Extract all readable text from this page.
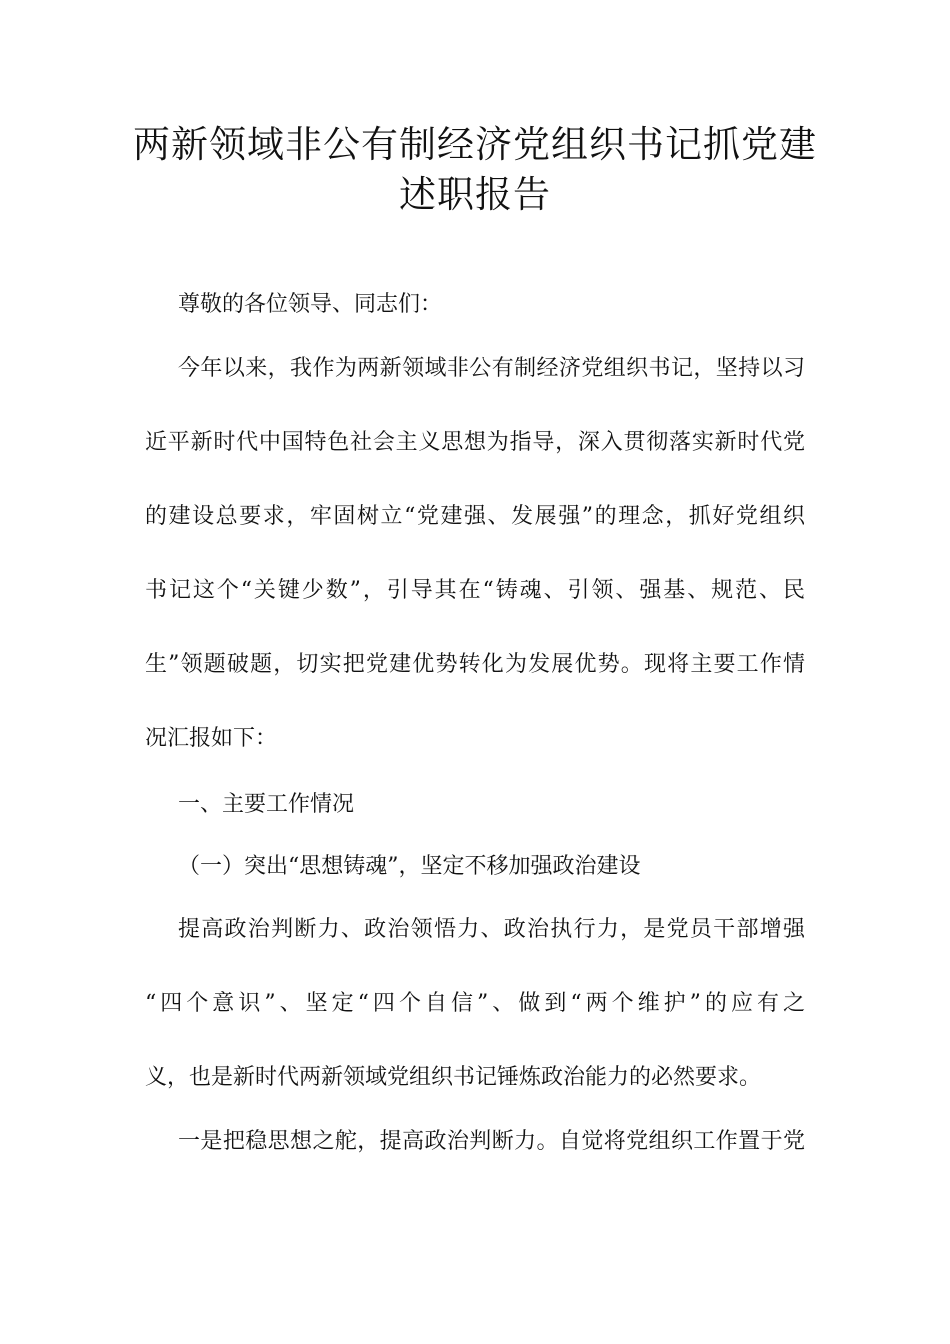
两新领域非公有制经济党组织书记抓党建
述职报告
尊敬的各位领导、同志们：
今年以来，我作为两新领域非公有制经济党组织书记，坚持以习
近平新时代中国特色社会主义思想为指导，深入贯彻落实新时代党
的建设总要求，牢固树立“党建强、发展强”的理念，抓好党组织
书记这个“关键少数”，引导其在“铸魂、引领、强基、规范、民
生”领题破题，切实把党建优势转化为发展优势。现将主要工作情
况汇报如下：
一、主要工作情况
（一）突出“思想铸魂”，坚定不移加强政治建设
提高政治判断力、政治领悟力、政治执行力，是党员干部增强
“四个意识”、坚定“四个自信”、做到“两个维护”的应有之
义，也是新时代两新领域党组织书记锤炼政治能力的必然要求。
一是把稳思想之舵，提高政治判断力。自觉将党组织工作置于党
